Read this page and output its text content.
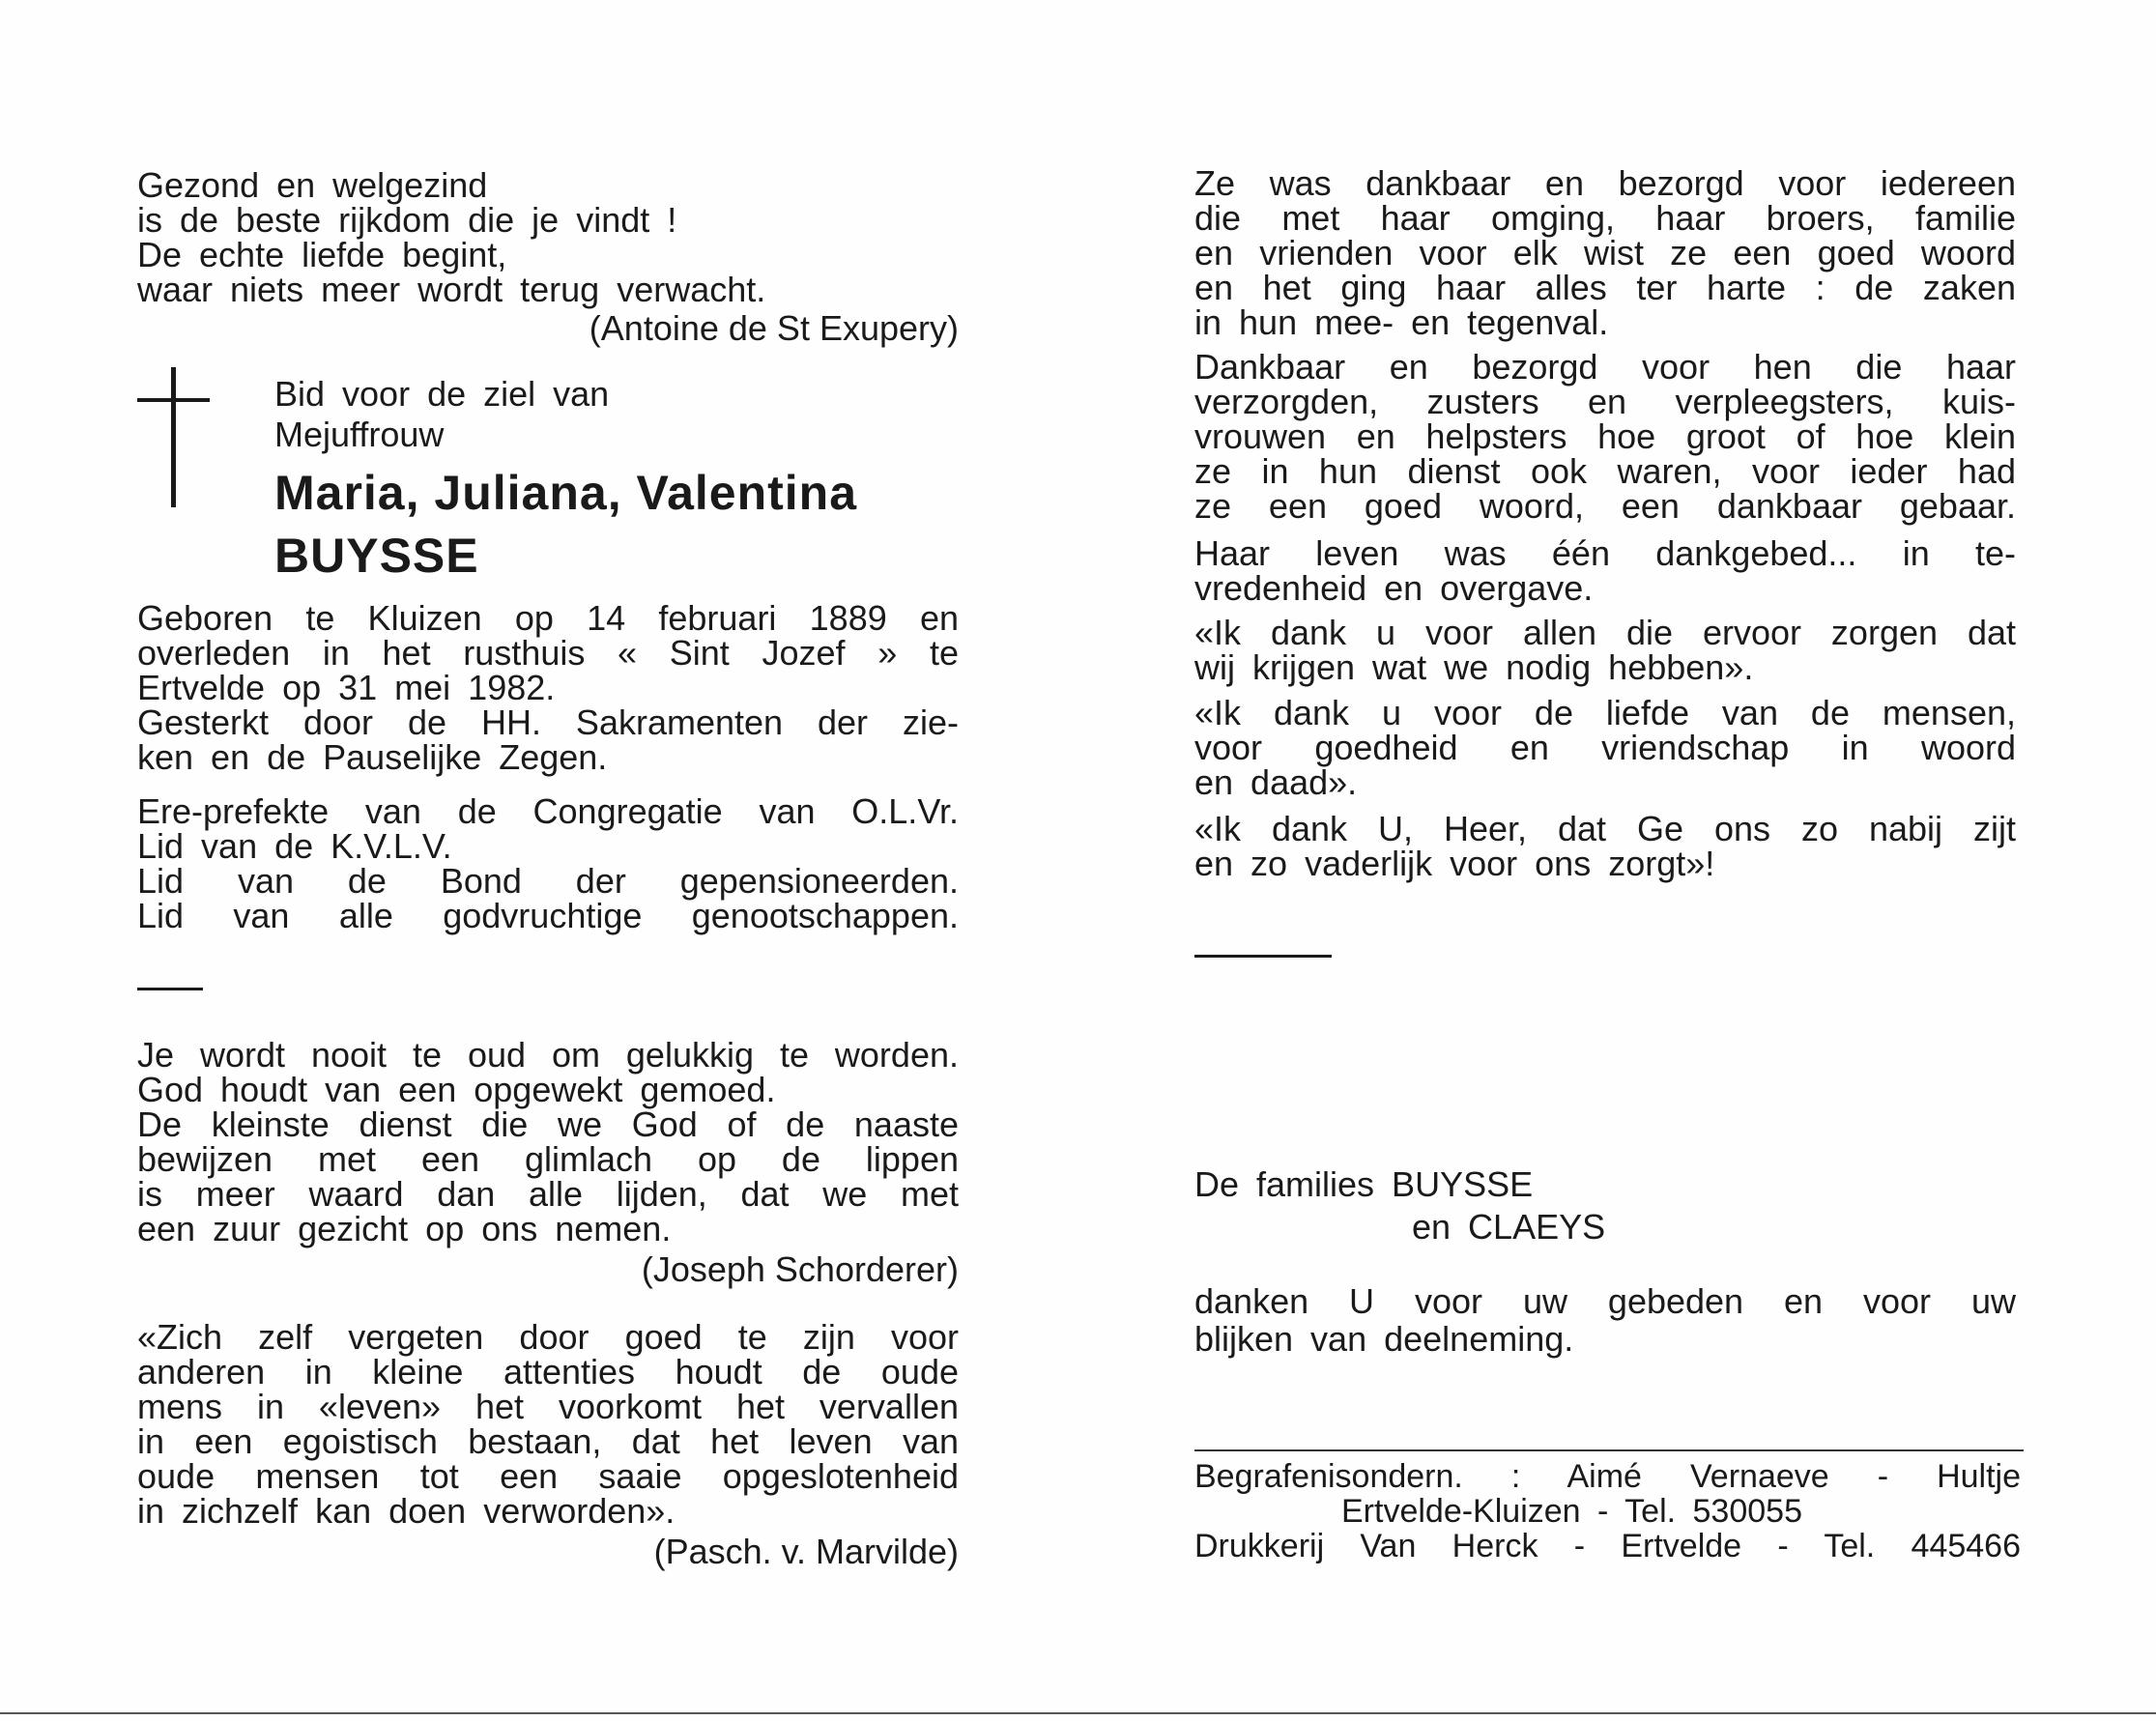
Gezond en welgezind
is de beste rijkdom die je vindt !
De echte liefde begint,
waar niets meer wordt terug verwacht.
(Antoine de St Exupery)
Bid voor de ziel van
Mejuffrouw
Maria, Juliana, Valentina
BUYSSE
Geboren te Kluizen op 14 februari 1889 en
overleden in het rusthuis « Sint Jozef » te
Ertvelde op 31 mei 1982.
Gesterkt door de HH. Sakramenten der zie-
ken en de Pauselijke Zegen.
Ere-prefekte van de Congregatie van O.L.Vr.
Lid van de K.V.L.V.
Lid van de Bond der gepensioneerden.
Lid van alle godvruchtige genootschappen.
Je wordt nooit te oud om gelukkig te worden.
God houdt van een opgewekt gemoed.
De kleinste dienst die we God of de naaste
bewijzen met een glimlach op de lippen
is meer waard dan alle lijden, dat we met
een zuur gezicht op ons nemen.
(Joseph Schorderer)
«Zich zelf vergeten door goed te zijn voor
anderen in kleine attenties houdt de oude
mens in «leven» het voorkomt het vervallen
in een egoistisch bestaan, dat het leven van
oude mensen tot een saaie opgeslotenheid
in zichzelf kan doen verworden».
(Pasch. v. Marvilde)
Ze was dankbaar en bezorgd voor iedereen
die met haar omging, haar broers, familie
en vrienden voor elk wist ze een goed woord
en het ging haar alles ter harte : de zaken
in hun mee- en tegenval.
Dankbaar en bezorgd voor hen die haar
verzorgden, zusters en verpleegsters, kuis-
vrouwen en helpsters hoe groot of hoe klein
ze in hun dienst ook waren, voor ieder had
ze een goed woord, een dankbaar gebaar.
Haar leven was één dankgebed... in te-
vredenheid en overgave.
«Ik dank u voor allen die ervoor zorgen dat
wij krijgen wat we nodig hebben».
«Ik dank u voor de liefde van de mensen,
voor goedheid en vriendschap in woord
en daad».
«Ik dank U, Heer, dat Ge ons zo nabij zijt
en zo vaderlijk voor ons zorgt»!
De families BUYSSE
en CLAEYS
danken U voor uw gebeden en voor uw
blijken van deelneming.
Begrafenisondern. : Aimé Vernaeve - Hultje
Ertvelde-Kluizen - Tel. 530055
Drukkerij Van Herck - Ertvelde - Tel. 445466
